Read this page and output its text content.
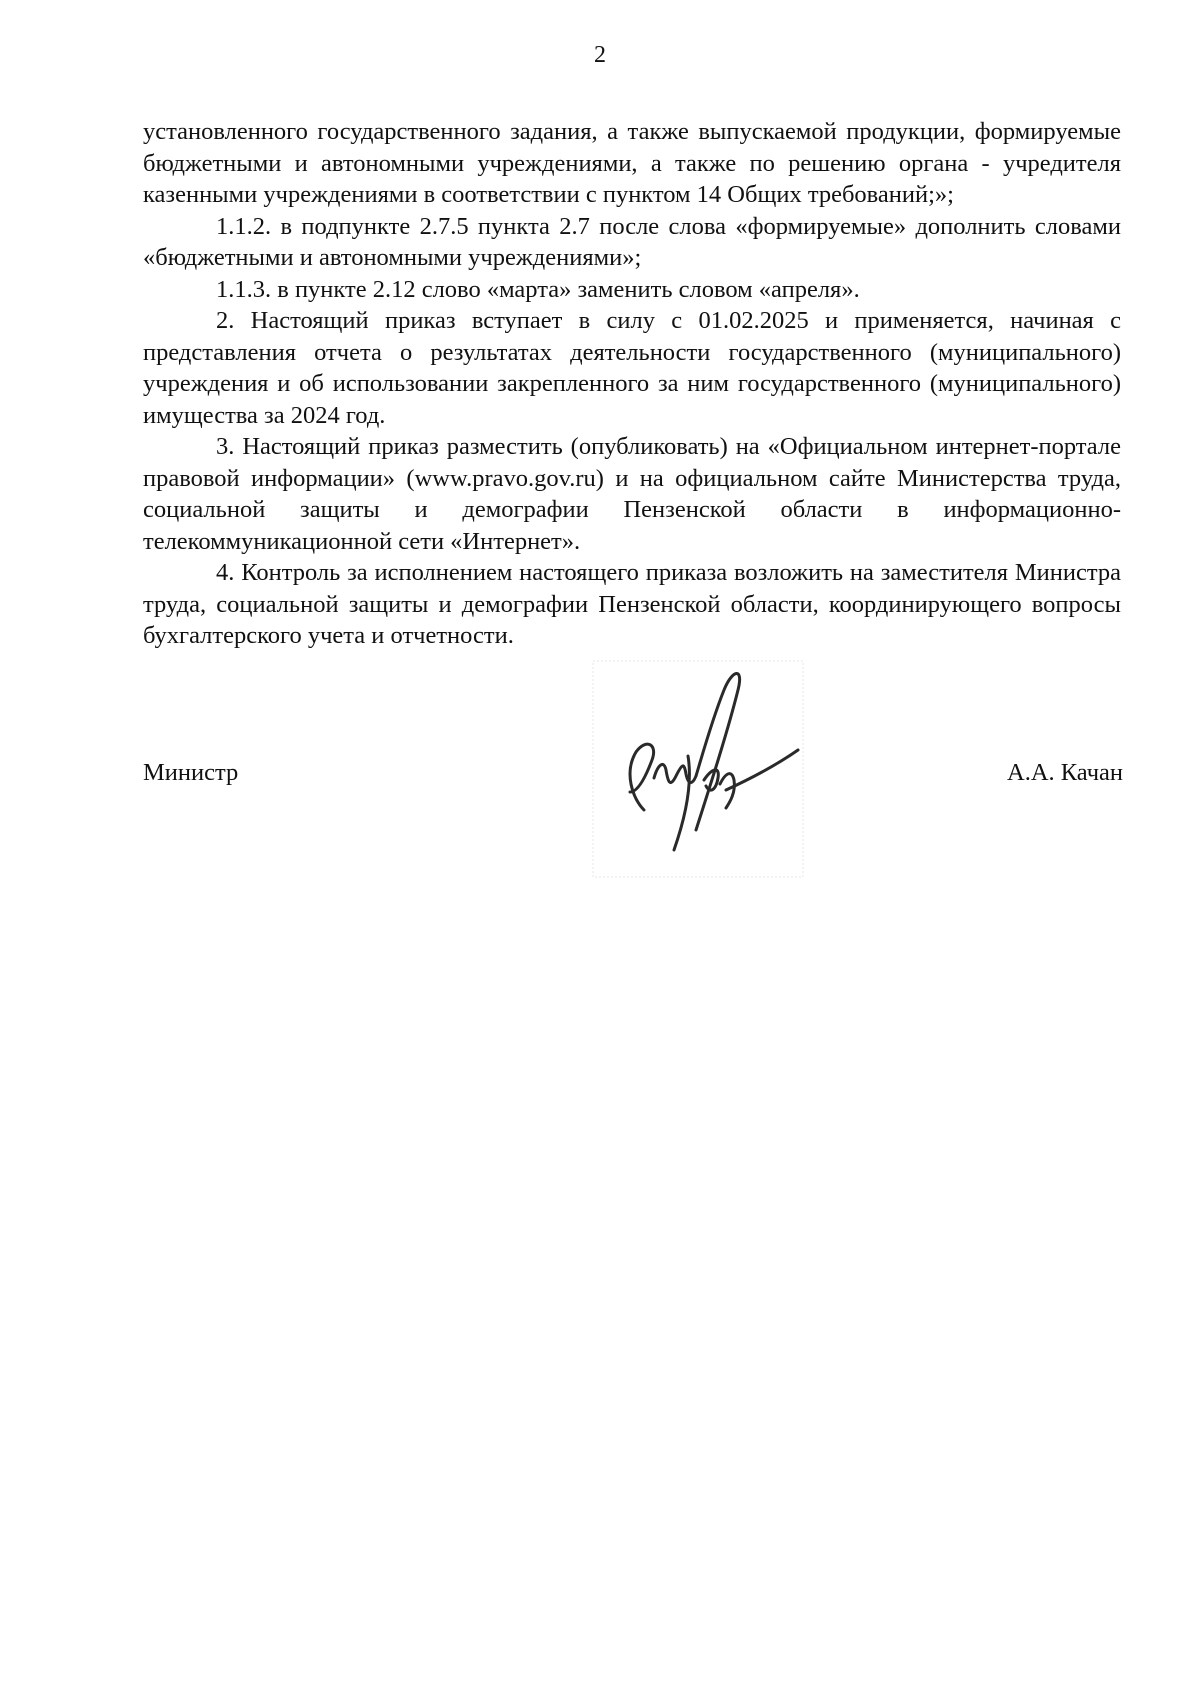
2

установленного государственного задания, а также выпускаемой продукции, формируемые бюджетными и автономными учреждениями, а также по решению органа - учредителя казенными учреждениями в соответствии с пунктом 14 Общих требований;»;

1.1.2. в подпункте 2.7.5 пункта 2.7 после слова «формируемые» дополнить словами «бюджетными и автономными учреждениями»;

1.1.3. в пункте 2.12 слово «марта» заменить словом «апреля».

2. Настоящий приказ вступает в силу с 01.02.2025 и применяется, начиная с представления отчета о результатах деятельности государственного (муниципального) учреждения и об использовании закрепленного за ним государственного (муниципального) имущества за 2024 год.

3. Настоящий приказ разместить (опубликовать) на «Официальном интернет-портале правовой информации» (www.pravo.gov.ru) и на официальном сайте Министерства труда, социальной защиты и демографии Пензенской области в информационно-телекоммуникационной сети «Интернет».

4. Контроль за исполнением настоящего приказа возложить на заместителя Министра труда, социальной защиты и демографии Пензенской области, координирующего вопросы бухгалтерского учета и отчетности.

Министр	А.А. Качан
